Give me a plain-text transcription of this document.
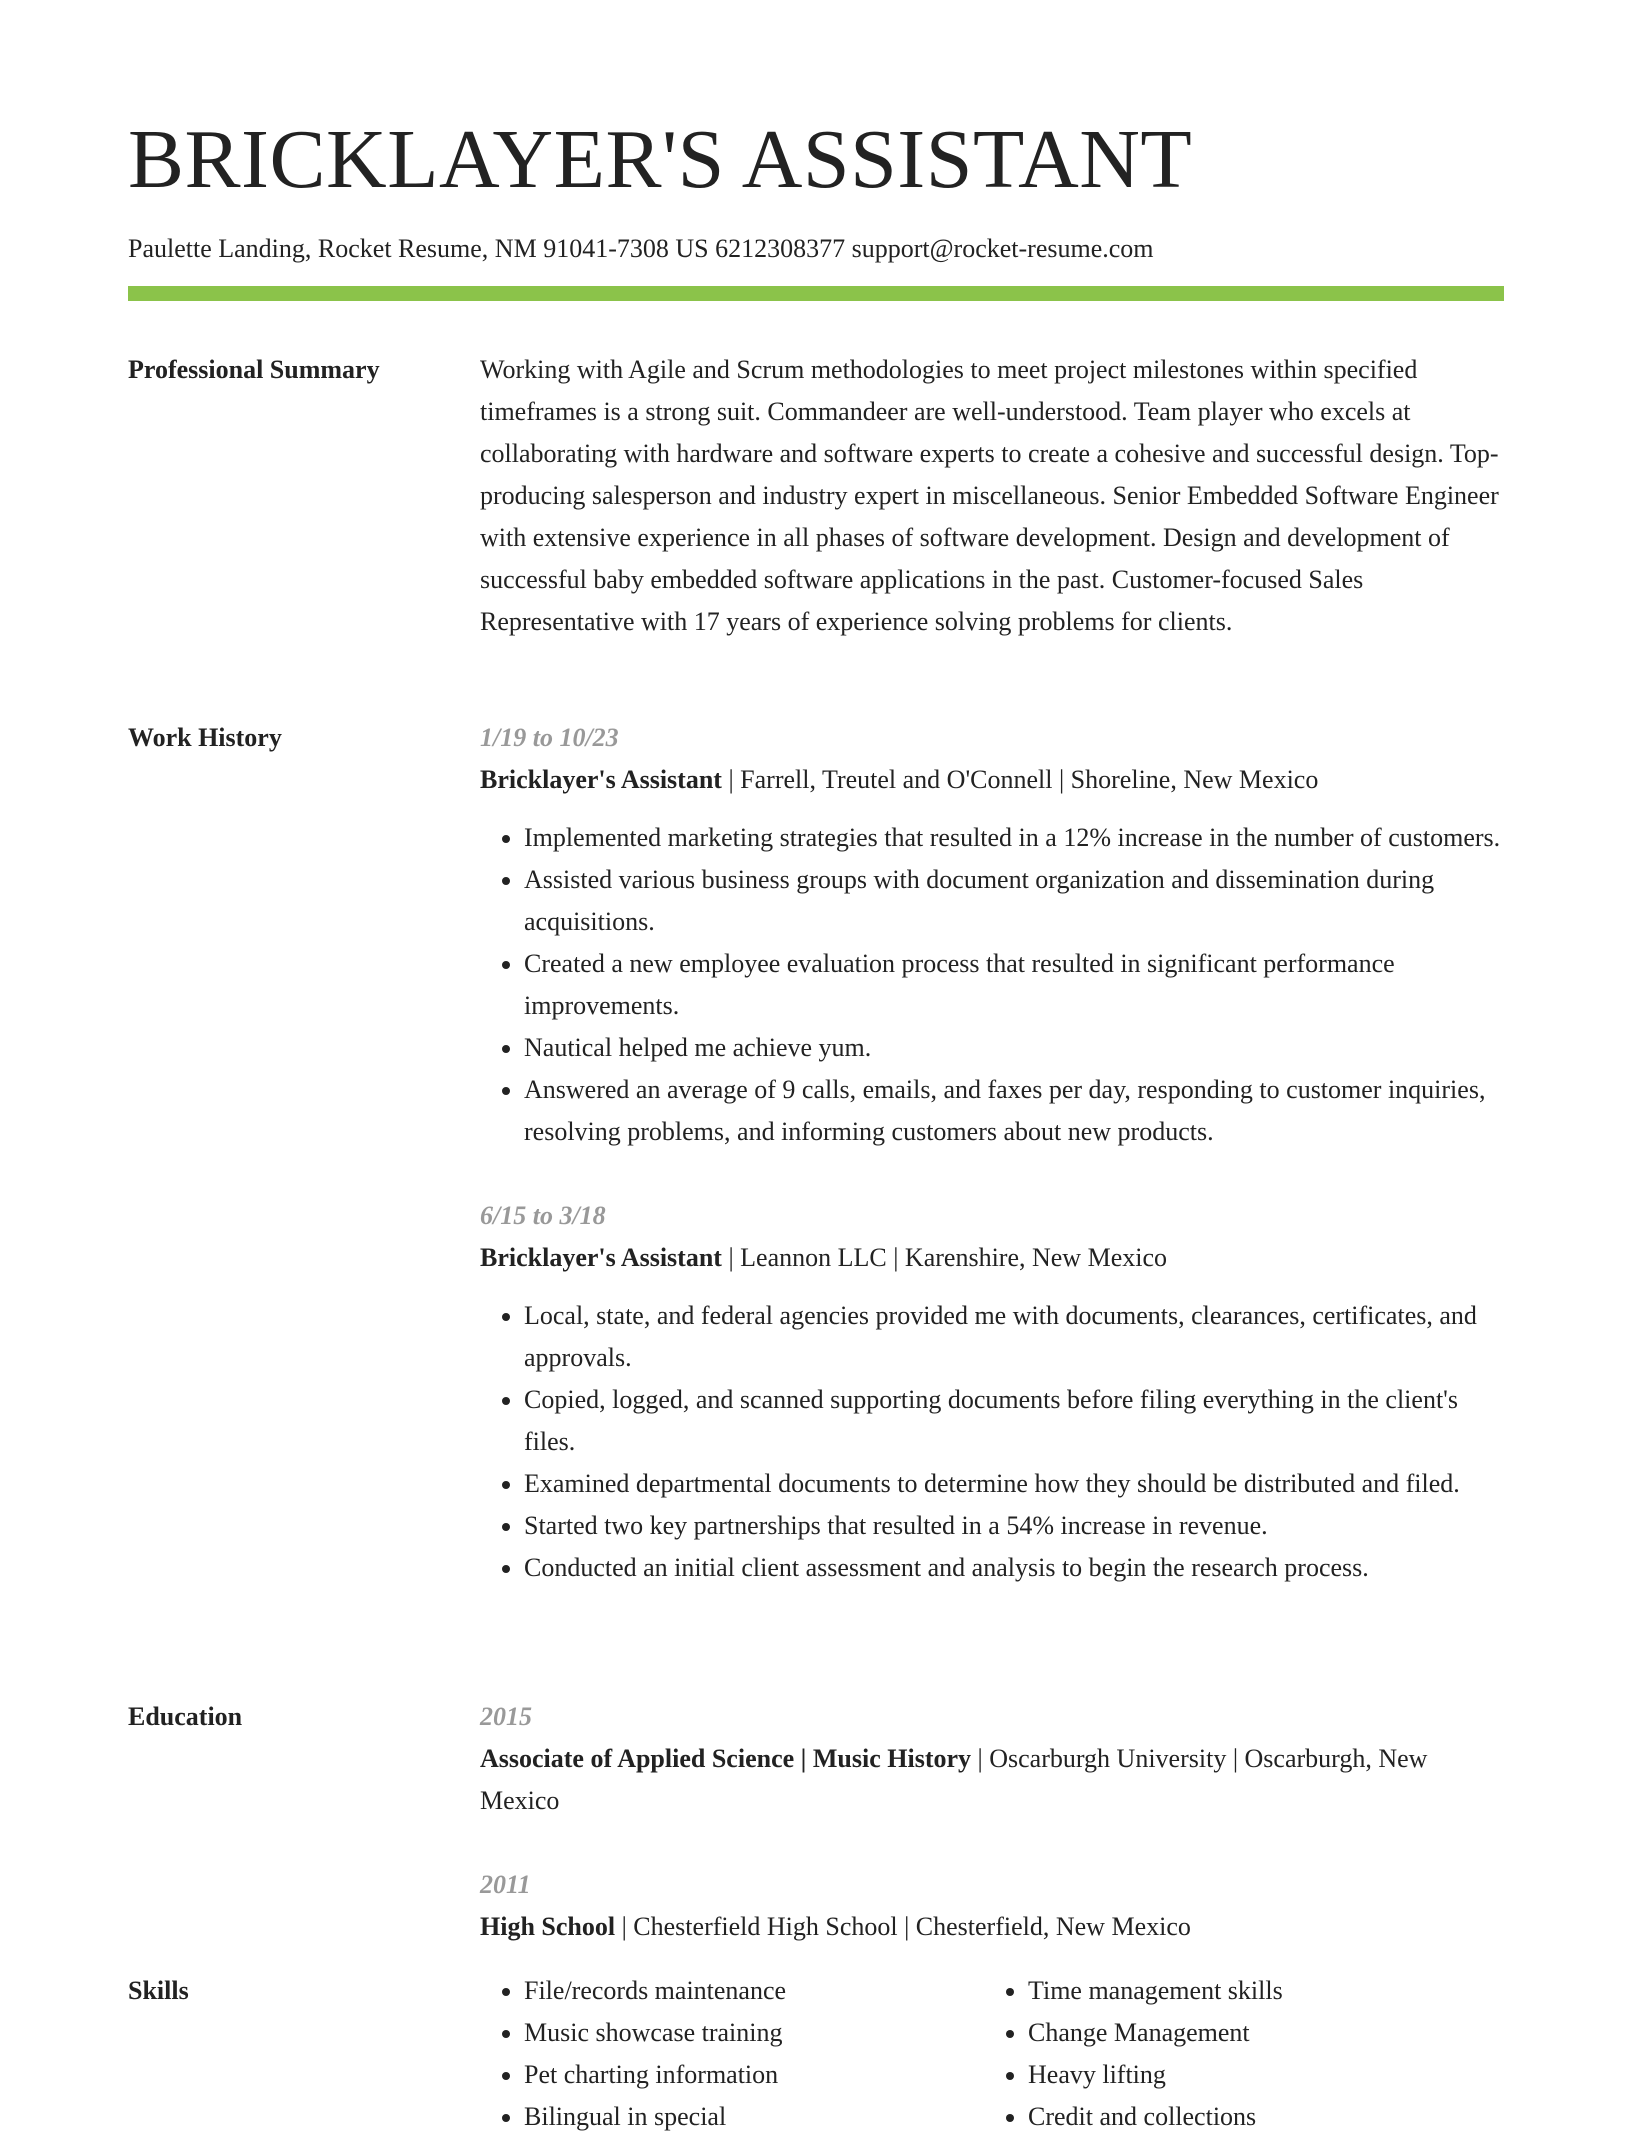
BRICKLAYER'S ASSISTANT
Paulette Landing, Rocket Resume, NM 91041-7308 US 6212308377 support@rocket-resume.com
Professional Summary	Working with Agile and Scrum methodologies to meet project milestones within specified timeframes is a strong suit. Commandeer are well-understood. Team player who excels at collaborating with hardware and software experts to create a cohesive and successful design. Top-producing salesperson and industry expert in miscellaneous. Senior Embedded Software Engineer with extensive experience in all phases of software development. Design and development of successful baby embedded software applications in the past. Customer-focused Sales Representative with 17 years of experience solving problems for clients.

Work History	1/19 to 10/23
Bricklayer's Assistant | Farrell, Treutel and O'Connell | Shoreline, New Mexico
• Implemented marketing strategies that resulted in a 12% increase in the number of customers.
• Assisted various business groups with document organization and dissemination during acquisitions.
• Created a new employee evaluation process that resulted in significant performance improvements.
• Nautical helped me achieve yum.
• Answered an average of 9 calls, emails, and faxes per day, responding to customer inquiries, resolving problems, and informing customers about new products.
6/15 to 3/18
Bricklayer's Assistant | Leannon LLC | Karenshire, New Mexico
• Local, state, and federal agencies provided me with documents, clearances, certificates, and approvals.
• Copied, logged, and scanned supporting documents before filing everything in the client's files.
• Examined departmental documents to determine how they should be distributed and filed.
• Started two key partnerships that resulted in a 54% increase in revenue.
• Conducted an initial client assessment and analysis to begin the research process.
Education	2015
Associate of Applied Science | Music History | Oscarburgh University | Oscarburgh, New Mexico
2011
High School | Chesterfield High School | Chesterfield, New Mexico
Skills
•	File/records maintenance
• Music showcase training
• Pet charting information
• Bilingual in special
• Time management skills
• Change Management
• Heavy lifting
• Credit and collections
